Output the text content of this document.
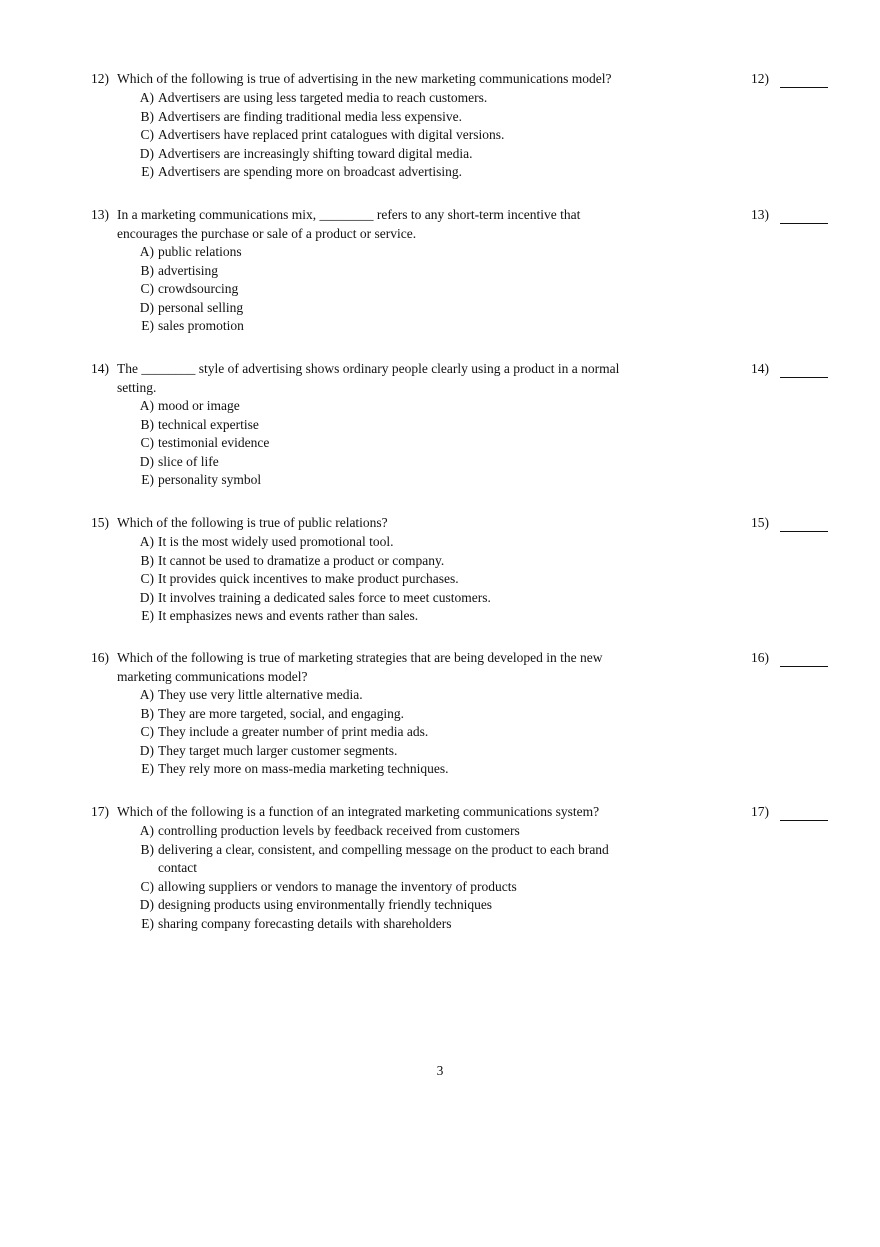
12) Which of the following is true of advertising in the new marketing communications model?	12)
A) Advertisers are using less targeted media to reach customers.
B) Advertisers are finding traditional media less expensive.
C) Advertisers have replaced print catalogues with digital versions.
D) Advertisers are increasingly shifting toward digital media.
E) Advertisers are spending more on broadcast advertising.
13) In a marketing communications mix, ________ refers to any short-term incentive that encourages the purchase or sale of a product or service.
13)
A) public relations
B) advertising
C) crowdsourcing
D) personal selling
E) sales promotion
14) The ________ style of advertising shows ordinary people clearly using a product in a normal setting.
14)
A) mood or image
B) technical expertise
C) testimonial evidence
D) slice of life
E) personality symbol
15) Which of the following is true of public relations?	15)
A) It is the most widely used promotional tool.
B) It cannot be used to dramatize a product or company.
C) It provides quick incentives to make product purchases.
D) It involves training a dedicated sales force to meet customers.
E) It emphasizes news and events rather than sales.
16) Which of the following is true of marketing strategies that are being developed in the new marketing communications model?
16)
A) They use very little alternative media.
B) They are more targeted, social, and engaging.
C) They include a greater number of print media ads.
D) They target much larger customer segments.
E) They rely more on mass-media marketing techniques.
17) Which of the following is a function of an integrated marketing communications system?	17)
A) controlling production levels by feedback received from customers
B) delivering a clear, consistent, and compelling message on the product to each brand contact
C) allowing suppliers or vendors to manage the inventory of products
D) designing products using environmentally friendly techniques
E) sharing company forecasting details with shareholders
3
